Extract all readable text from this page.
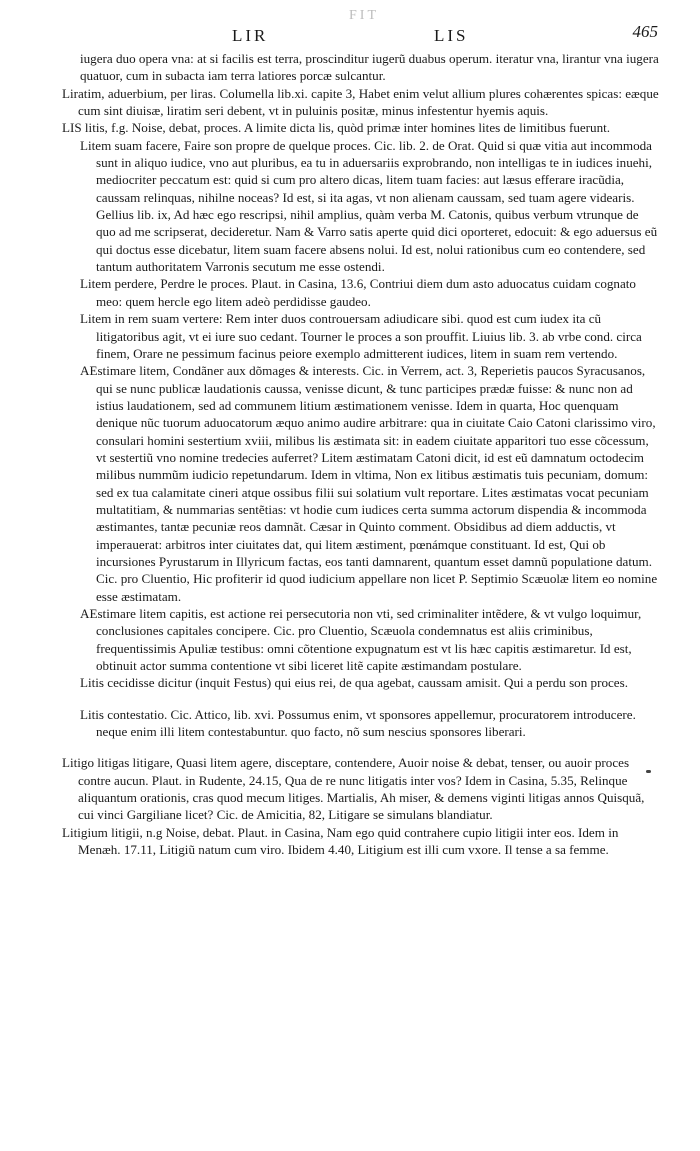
FIT
LIR	LIS	465

iugera duo opera vna: at si facilis est terra, proscinditur iugerũ duabus operum. iteratur vna, lirantur vna iugera quatuor, cum in subacta iam terra latiores porcæ sulcantur.

Liratim, aduerbium, per liras. Columella lib.xi. capite 3, Habet enim velut allium plures cohærentes spicas: eæque cum sint diuisæ, liratim seri debent, vt in puluinis positæ, minus infestentur hyemis aquis.

LIS litis, f.g. Noise, debat, proces. A limite dicta lis, quòd primæ inter homines lites de limitibus fuerunt.

Litem suam facere, Faire son propre de quelque proces. Cic. lib. 2. de Orat. Quid si quæ vitia aut incommoda sunt in aliquo iudice, vno aut pluribus, ea tu in aduersariis exprobrando, non intelligas te in iudices inuehi, mediocriter peccatum est: quid si cum pro altero dicas, litem tuam facies: aut læsus efferare iracũdia, caussam relinquas, nihilne noceas? Id est, si ita agas, vt non alienam caussam, sed tuam agere videaris. Gellius lib. ix, Ad hæc ego rescripsi, nihil amplius, quàm verba M. Catonis, quibus verbum vtrunque de quo ad me scripserat, decideretur. Nam & Varro satis aperte quid dici oporteret, edocuit: & ego aduersus eũ qui doctus esse dicebatur, litem suam facere absens nolui. Id est, nolui rationibus cum eo contendere, sed tantum authoritatem Varronis secutum me esse ostendi.

Litem perdere, Perdre le proces. Plaut. in Casina, 13.6, Contriui diem dum asto aduocatus cuidam cognato meo: quem hercle ego litem adeò perdidisse gaudeo.

Litem in rem suam vertere: Rem inter duos controuersam adiudicare sibi. quod est cum iudex ita cũ litigatoribus agit, vt ei iure suo cedant. Tourner le proces a son prouffit. Liuius lib. 3. ab vrbe cond. circa finem, Orare ne pessimum facinus peiore exemplo admitterent iudices, litem in suam rem vertendo.

AEstimare litem, Condãner aux dõmages & interests. Cic. in Verrem, act. 3, Reperietis paucos Syracusanos, qui se nunc publicæ laudationis caussa, venisse dicunt, & tunc participes prædæ fuisse: & nunc non ad istius laudationem, sed ad communem litium æstimationem venisse. Idem in quarta, Hoc quenquam denique nũc tuorum aduocatorum æquo animo audire arbitrare: qua in ciuitate Caio Catoni clarissimo viro, consulari homini sestertium xviii, milibus lis æstimata sit: in eadem ciuitate apparitori tuo esse cõcessum, vt sestertiũ vno nomine tredecies auferret? Litem æstimatam Catoni dicit, id est eũ damnatum octodecim milibus nummũm iudicio repetundarum. Idem in vltima, Non ex litibus æstimatis tuis pecuniam, domum: sed ex tua calamitate cineri atque ossibus filii sui solatium vult reportare. Lites æstimatas vocat pecuniam multatitiam, & nummarias sentẽtias: vt hodie cum iudices certa summa actorum dispendia & incommoda æstimantes, tantæ pecuniæ reos damnãt. Cæsar in Quinto comment. Obsidibus ad diem adductis, vt imperauerat: arbitros inter ciuitates dat, qui litem æstiment, pœnámque constituant. Id est, Qui ob incursiones Pyrustarum in Illyricum factas, eos tanti damnarent, quantum esset damnũ populatione datum. Cic. pro Cluentio, Hic profiterir id quod iudicium appellare non licet P. Septimio Scæuolæ litem eo nomine esse æstimatam.

AEstimare litem capitis, est actione rei persecutoria non vti, sed criminaliter intẽdere, & vt vulgo loquimur, conclusiones capitales concipere. Cic. pro Cluentio, Scæuola condemnatus est aliis criminibus, frequentissimis Apuliæ testibus: omni cõtentione expugnatum est vt lis hæc capitis æstimaretur. Id est, obtinuit actor summa contentione vt sibi liceret litẽ capite æstimandam postulare.

Litis cecidisse dicitur (inquit Festus) qui eius rei, de qua agebat, caussam amisit. Qui a perdu son proces.

Litis contestatio. Cic. Attico, lib. xvi. Possumus enim, vt sponsores appellemur, procuratorem introducere. neque enim illi litem contestabuntur. quo facto, nõ sum nescius sponsores liberari.

Litigo litigas litigare, Quasi litem agere, disceptare, contendere, Auoir noise & debat, tenser, ou auoir proces contre aucun. Plaut. in Rudente, 24.15, Qua de re nunc litigatis inter vos? Idem in Casina, 5.35, Relinque aliquantum orationis, cras quod mecum litiges. Martialis, Ah miser, & demens viginti litigas annos Quisquã, cui vinci Gargiliane licet? Cic. de Amicitia, 82, Litigare se simulans blandiatur.

Litigium litigii, n.g Noise, debat. Plaut. in Casina, Nam ego quid contrahere cupio litigii inter eos. Idem in Menæh. 17.11, Litigiũ natum cum viro. Ibidem 4.40, Litigium est illi cum vxore. Il tense a sa femme.
